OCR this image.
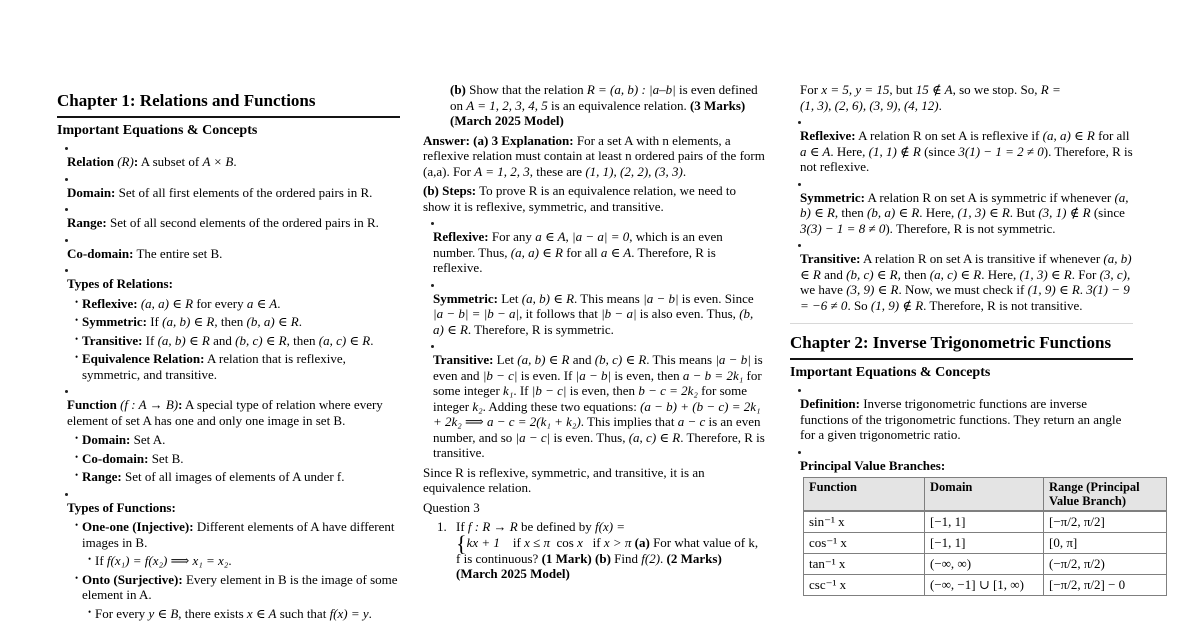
Chapter 1: Relations and Functions
Important Equations & Concepts
Relation (R): A subset of A × B.
Domain: Set of all first elements of the ordered pairs in R.
Range: Set of all second elements of the ordered pairs in R.
Co-domain: The entire set B.
Types of Relations:
• Reflexive: (a, a) ∈ R for every a ∈ A.
• Symmetric: If (a, b) ∈ R, then (b, a) ∈ R.
• Transitive: If (a, b) ∈ R and (b, c) ∈ R, then (a, c) ∈ R.
• Equivalence Relation: A relation that is reflexive, symmetric, and transitive.
Function (f : A → B): A special type of relation where every element of set A has one and only one image in set B.
• Domain: Set A.
• Co-domain: Set B.
• Range: Set of all images of elements of A under f.
Types of Functions:
• One-one (Injective): Different elements of A have different images in B.
• If f(x₁) = f(x₂) ⟹ x₁ = x₂.
• Onto (Surjective): Every element in B is the image of some element in A.
• For every y ∈ B, there exists x ∈ A such that f(x) = y.
(b) Show that the relation R = (a, b) : |a–b| is even defined on A = 1, 2, 3, 4, 5 is an equivalence relation. (3 Marks) (March 2025 Model)
Answer: (a) 3 Explanation: For a set A with n elements, a reflexive relation must contain at least n ordered pairs of the form (a,a). For A = 1, 2, 3, these are (1, 1), (2, 2), (3, 3).
(b) Steps: To prove R is an equivalence relation, we need to show it is reflexive, symmetric, and transitive.
Reflexive: For any a ∈ A, |a − a| = 0, which is an even number. Thus, (a, a) ∈ R for all a ∈ A. Therefore, R is reflexive.
Symmetric: Let (a, b) ∈ R. This means |a − b| is even. Since |a − b| = |b − a|, it follows that |b − a| is also even. Thus, (b, a) ∈ R. Therefore, R is symmetric.
Transitive: Let (a, b) ∈ R and (b, c) ∈ R. This means |a − b| is even and |b − c| is even. If |a − b| is even, then a − b = 2k₁ for some integer k₁. If |b − c| is even, then b − c = 2k₂ for some integer k₂. Adding these two equations: (a − b) + (b − c) = 2k₁ + 2k₂ ⟹ a − c = 2(k₁ + k₂). This implies that a − c is an even number, and so |a − c| is even. Thus, (a, c) ∈ R. Therefore, R is transitive.
Since R is reflexive, symmetric, and transitive, it is an equivalence relation.
Question 3
1. If f : R → R be defined by f(x) =
{kx + 1 if x ≤ π cos x  if x > π (a) For what value of k, f is continuous? (1 Mark) (b) Find f(2). (2 Marks) (March 2025 Model)
For x = 5, y = 15, but 15 ∉ A, so we stop. So, R =
(1, 3), (2, 6), (3, 9), (4, 12).
Reflexive: A relation R on set A is reflexive if (a, a) ∈ R for all a ∈ A. Here, (1, 1) ∉ R (since 3(1) − 1 = 2 ≠ 0). Therefore, R is not reflexive.
Symmetric: A relation R on set A is symmetric if whenever (a, b) ∈ R, then (b, a) ∈ R. Here, (1, 3) ∈ R. But (3, 1) ∉ R (since 3(3) − 1 = 8 ≠ 0). Therefore, R is not symmetric.
Transitive: A relation R on set A is transitive if whenever (a, b) ∈ R and (b, c) ∈ R, then (a, c) ∈ R. Here, (1, 3) ∈ R. For (3, c), we have (3, 9) ∈ R. Now, we must check if (1, 9) ∈ R. 3(1) − 9 = −6 ≠ 0. So (1, 9) ∉ R. Therefore, R is not transitive.
Chapter 2: Inverse Trigonometric Functions
Important Equations & Concepts
Definition: Inverse trigonometric functions are inverse functions of the trigonometric functions. They return an angle for a given trigonometric ratio.
Principal Value Branches:
Function	Domain	Range (Principal Value Branch)
sin⁻¹ x	[−1, 1]	[−π/2, π/2]
cos⁻¹ x	[−1, 1]	[0, π]
tan⁻¹ x	(−∞, ∞)	(−π/2, π/2)
csc⁻¹ x	(−∞, −1] ∪ [1, ∞)	[−π/2, π/2] − 0
